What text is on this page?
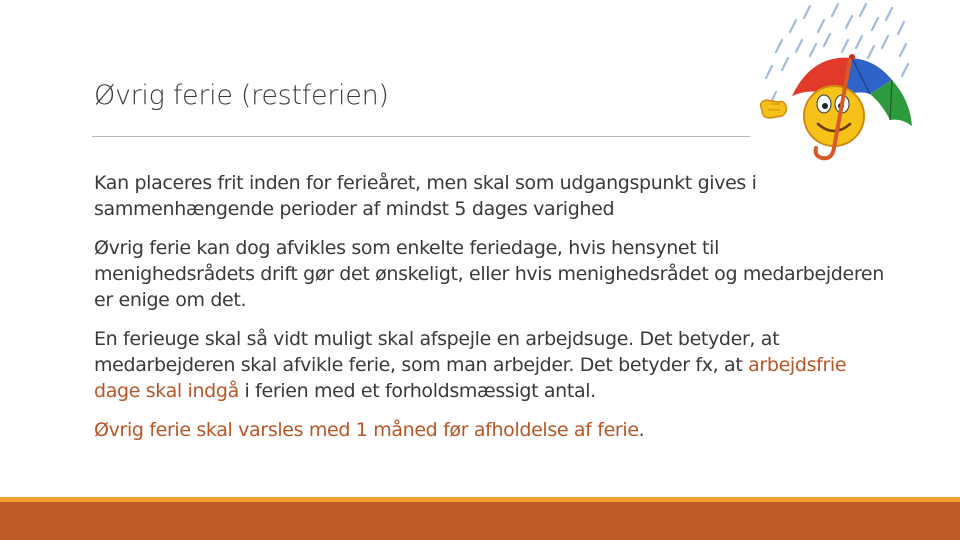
Øvrig ferie (restferien)

Kan placeres frit inden for ferieåret, men skal som udgangspunkt gives i sammenhængende perioder af mindst 5 dages varighed

Øvrig ferie kan dog afvikles som enkelte feriedage, hvis hensynet til menighedsrådets drift gør det ønskeligt, eller hvis menighedsrådet og medarbejderen er enige om det.

En ferieuge skal så vidt muligt skal afspejle en arbejdsuge. Det betyder, at medarbejderen skal afvikle ferie, som man arbejder. Det betyder fx, at arbejdsfrie dage skal indgå i ferien med et forholdsmæssigt antal.

Øvrig ferie skal varsles med 1 måned før afholdelse af ferie.
